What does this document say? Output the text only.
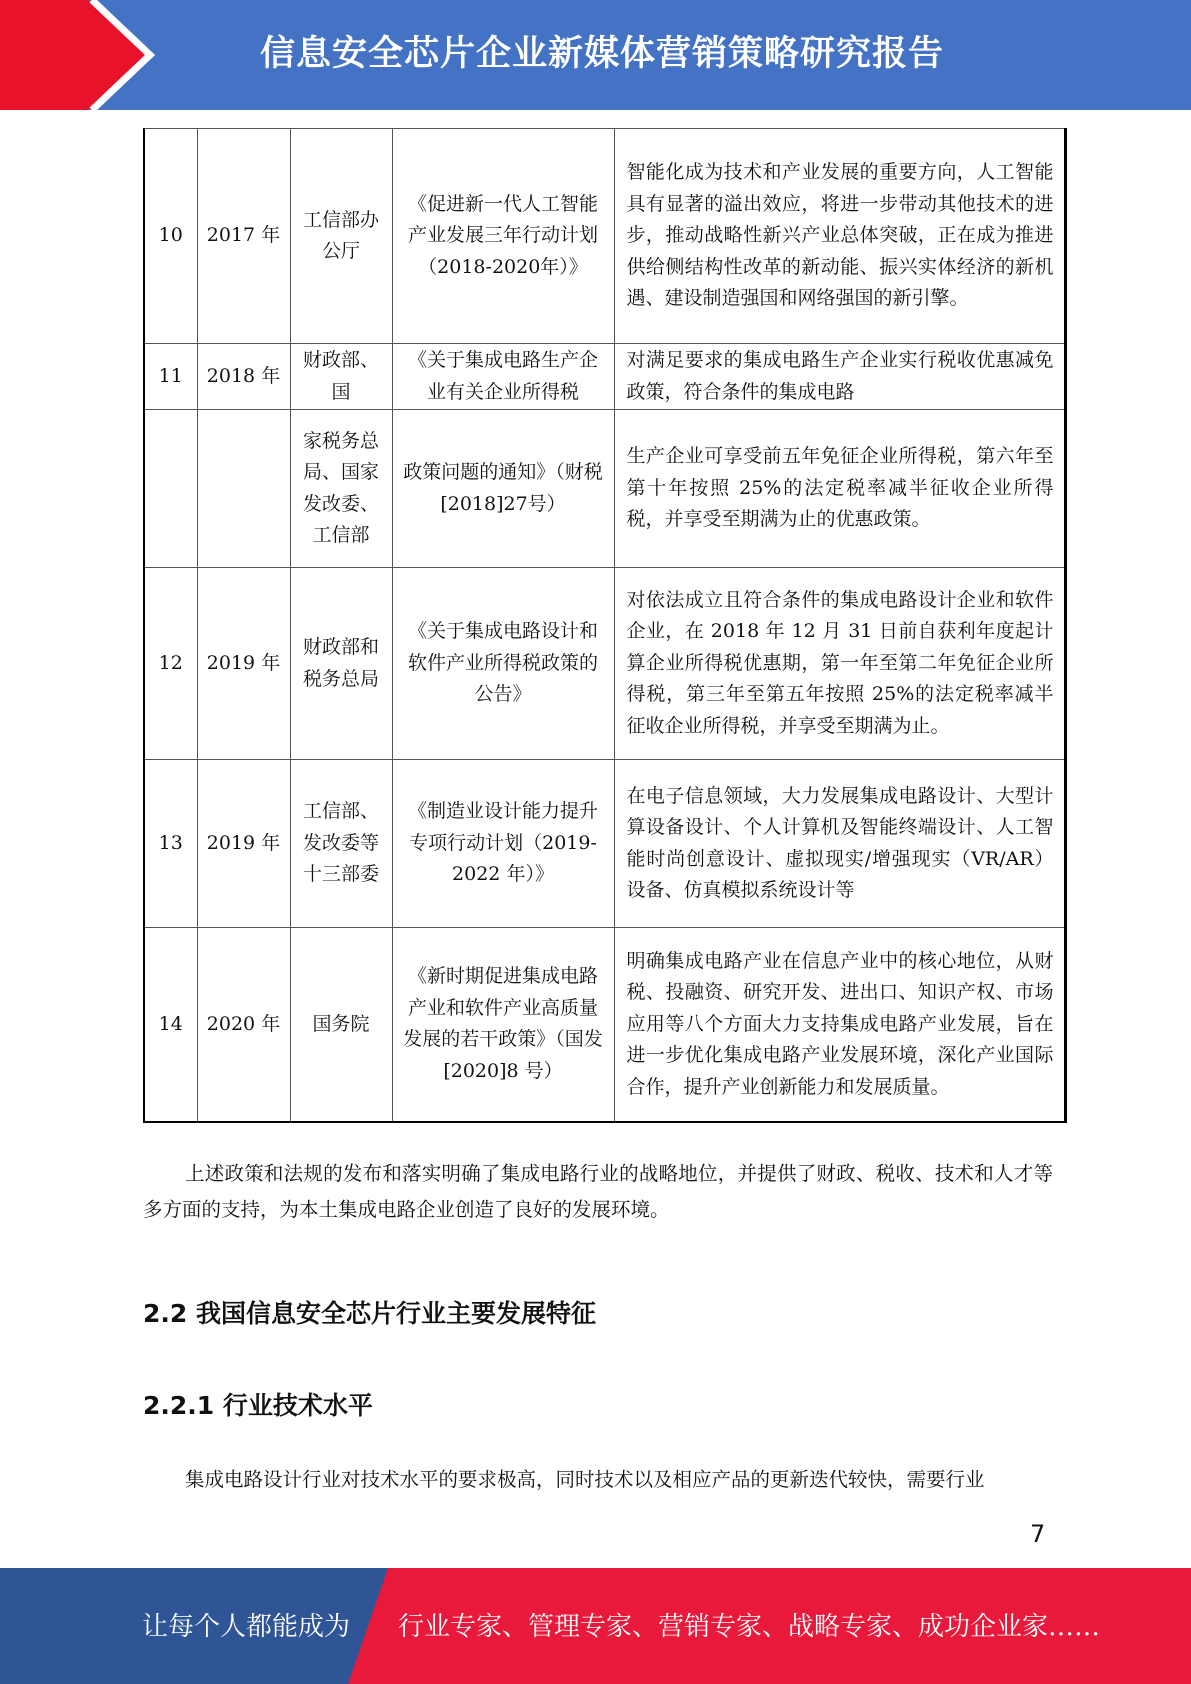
信息安全芯片企业新媒体营销策略研究报告
10	2017 年	工信部办公厅	《促进新一代人工智能产业发展三年行动计划（2018-2020年）》	智能化成为技术和产业发展的重要方向，人工智能具有显著的溢出效应，将进一步带动其他技术的进步，推动战略性新兴产业总体突破，正在成为推进供给侧结构性改革的新动能、振兴实体经济的新机遇、建设制造强国和网络强国的新引擎。
11	2018 年	财政部、国	《关于集成电路生产企业有关企业所得税	对满足要求的集成电路生产企业实行税收优惠减免政策，符合条件的集成电路
		家税务总局、国家发改委、工信部	政策问题的通知》（财税[2018]27号）	生产企业可享受前五年免征企业所得税，第六年至第十年按照 25%的法定税率减半征收企业所得税，并享受至期满为止的优惠政策。
12	2019 年	财政部和税务总局	《关于集成电路设计和软件产业所得税政策的公告》	对依法成立且符合条件的集成电路设计企业和软件企业，在 2018 年 12 月 31 日前自获利年度起计算企业所得税优惠期，第一年至第二年免征企业所得税，第三年至第五年按照 25%的法定税率减半征收企业所得税，并享受至期满为止。
13	2019 年	工信部、发改委等十三部委	《制造业设计能力提升专项行动计划（2019-2022 年）》	在电子信息领域，大力发展集成电路设计、大型计算设备设计、个人计算机及智能终端设计、人工智能时尚创意设计、虚拟现实/增强现实（VR/AR）设备、仿真模拟系统设计等
14	2020 年	国务院	《新时期促进集成电路产业和软件产业高质量发展的若干政策》（国发[2020]8 号）	明确集成电路产业在信息产业中的核心地位，从财税、投融资、研究开发、进出口、知识产权、市场应用等八个方面大力支持集成电路产业发展，旨在进一步优化集成电路产业发展环境，深化产业国际合作，提升产业创新能力和发展质量。

上述政策和法规的发布和落实明确了集成电路行业的战略地位，并提供了财政、税收、技术和人才等多方面的支持，为本土集成电路企业创造了良好的发展环境。

2.2 我国信息安全芯片行业主要发展特征
2.2.1 行业技术水平

集成电路设计行业对技术水平的要求极高，同时技术以及相应产品的更新迭代较快，需要行业

7
让每个人都能成为 行业专家、管理专家、营销专家、战略专家、成功企业家……
